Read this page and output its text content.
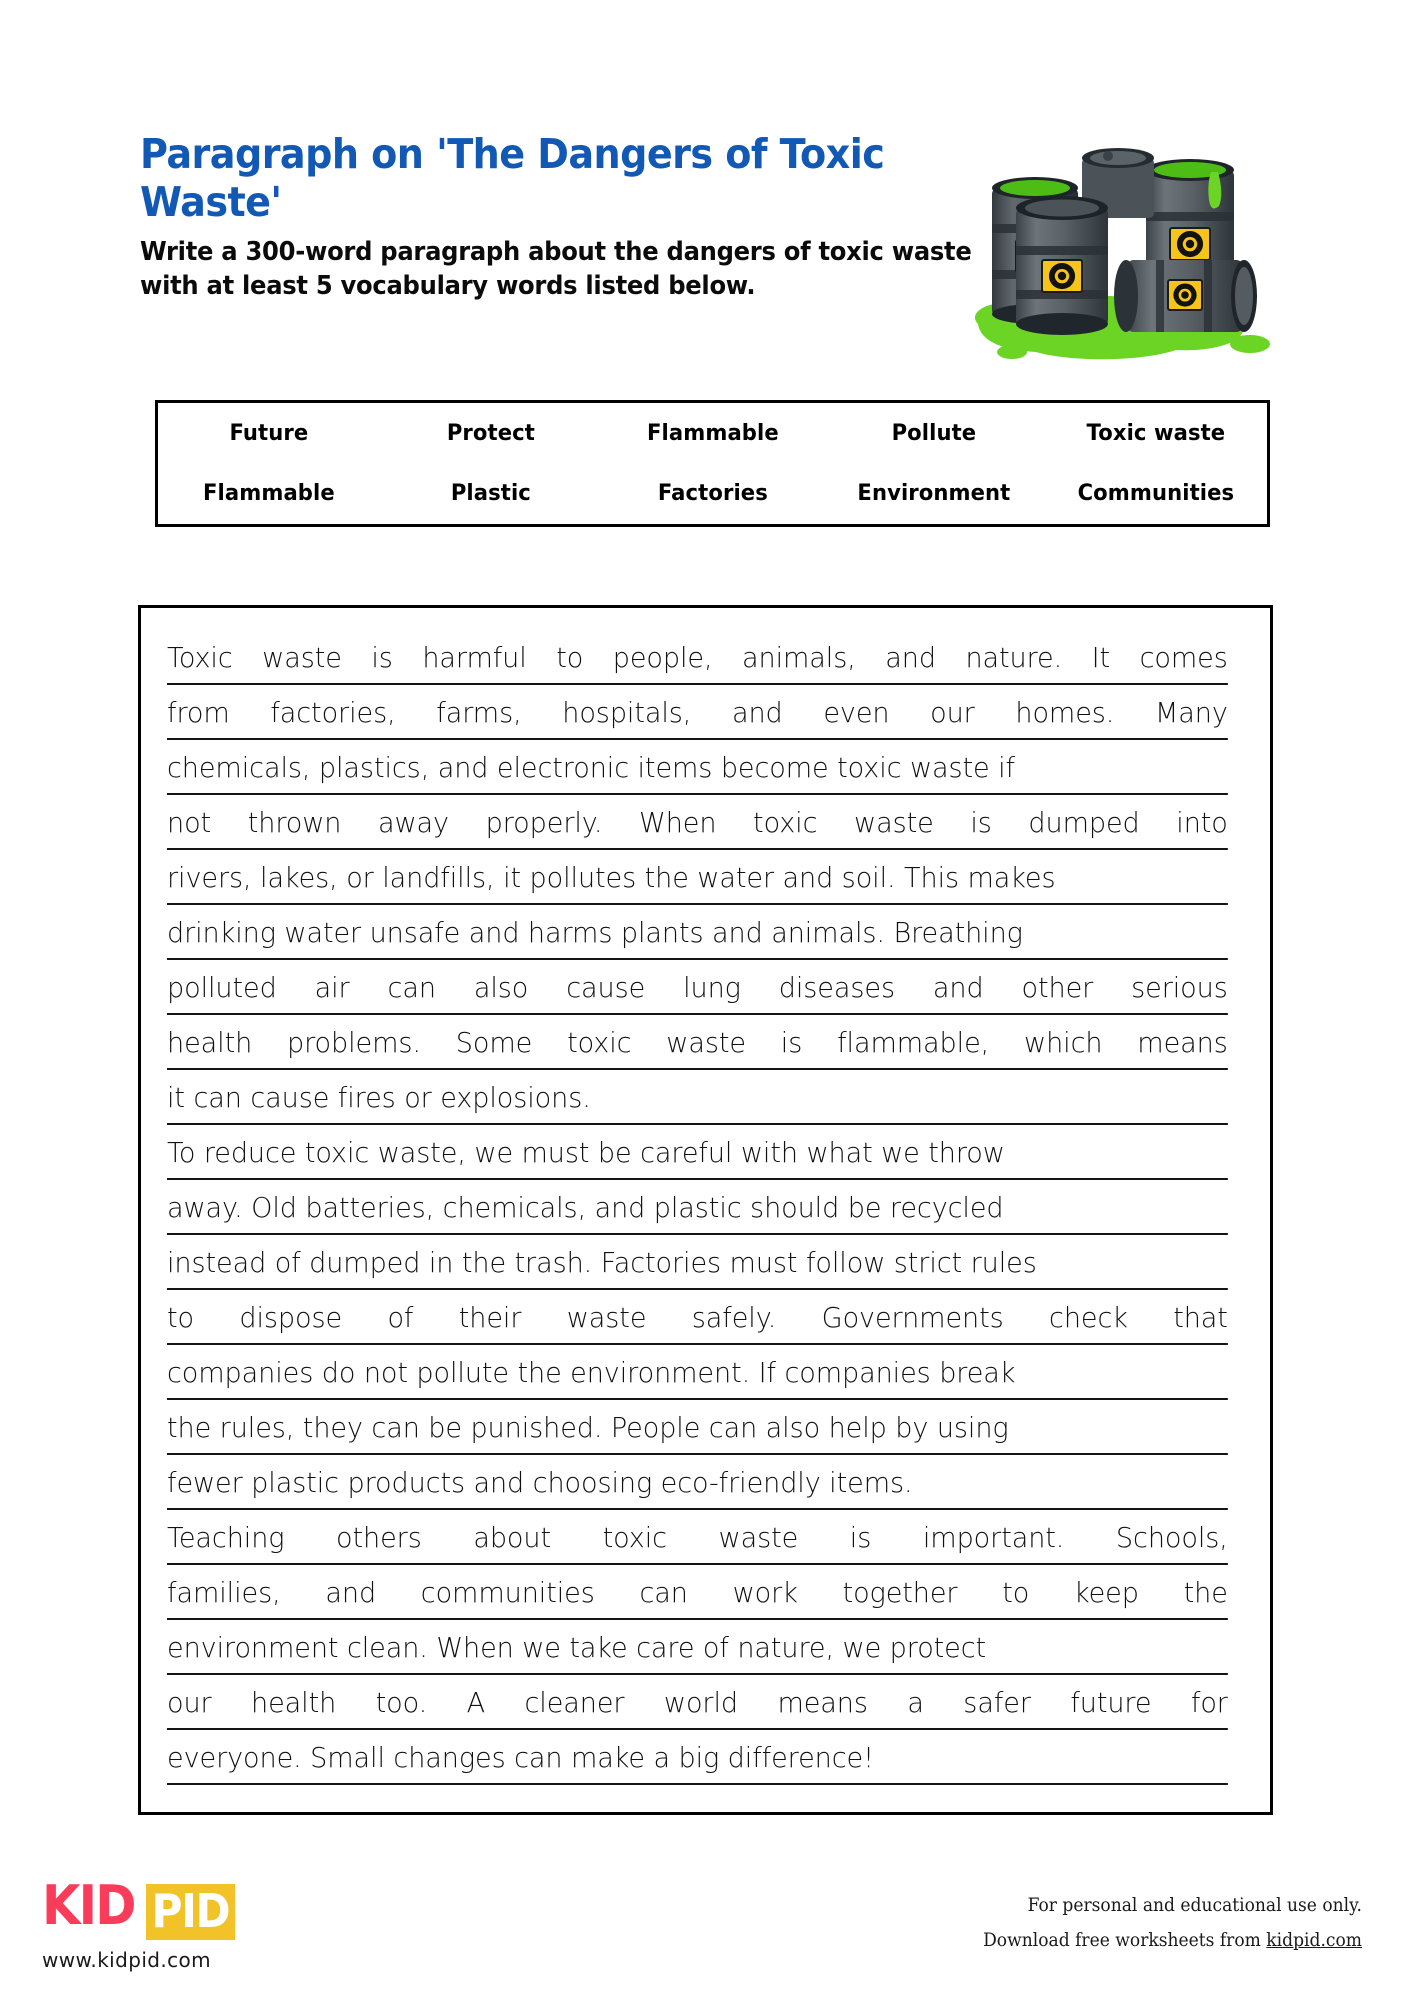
Paragraph on 'The Dangers of Toxic Waste'
Write a 300-word paragraph about the dangers of toxic waste with at least 5 vocabulary words listed below.
Future	Protect	Flammable	Pollute	Toxic waste
Flammable	Plastic	Factories	Environment	Communities
Toxic waste is harmful to people, animals, and nature. It comes
from factories, farms, hospitals, and even our homes. Many
chemicals, plastics, and electronic items become toxic waste if
not thrown away properly. When toxic waste is dumped into
rivers, lakes, or landfills, it pollutes the water and soil. This makes
drinking water unsafe and harms plants and animals. Breathing
polluted air can also cause lung diseases and other serious
health problems. Some toxic waste is flammable, which means
it can cause fires or explosions.
To reduce toxic waste, we must be careful with what we throw
away. Old batteries, chemicals, and plastic should be recycled
instead of dumped in the trash. Factories must follow strict rules
to dispose of their waste safely. Governments check that
companies do not pollute the environment. If companies break
the rules, they can be punished. People can also help by using
fewer plastic products and choosing eco-friendly items.
Teaching others about toxic waste is important. Schools,
families, and communities can work together to keep the
environment clean. When we take care of nature, we protect
our health too. A cleaner world means a safer future for
everyone. Small changes can make a big difference!
KID PID
www.kidpid.com
For personal and educational use only.
Download free worksheets from kidpid.com
